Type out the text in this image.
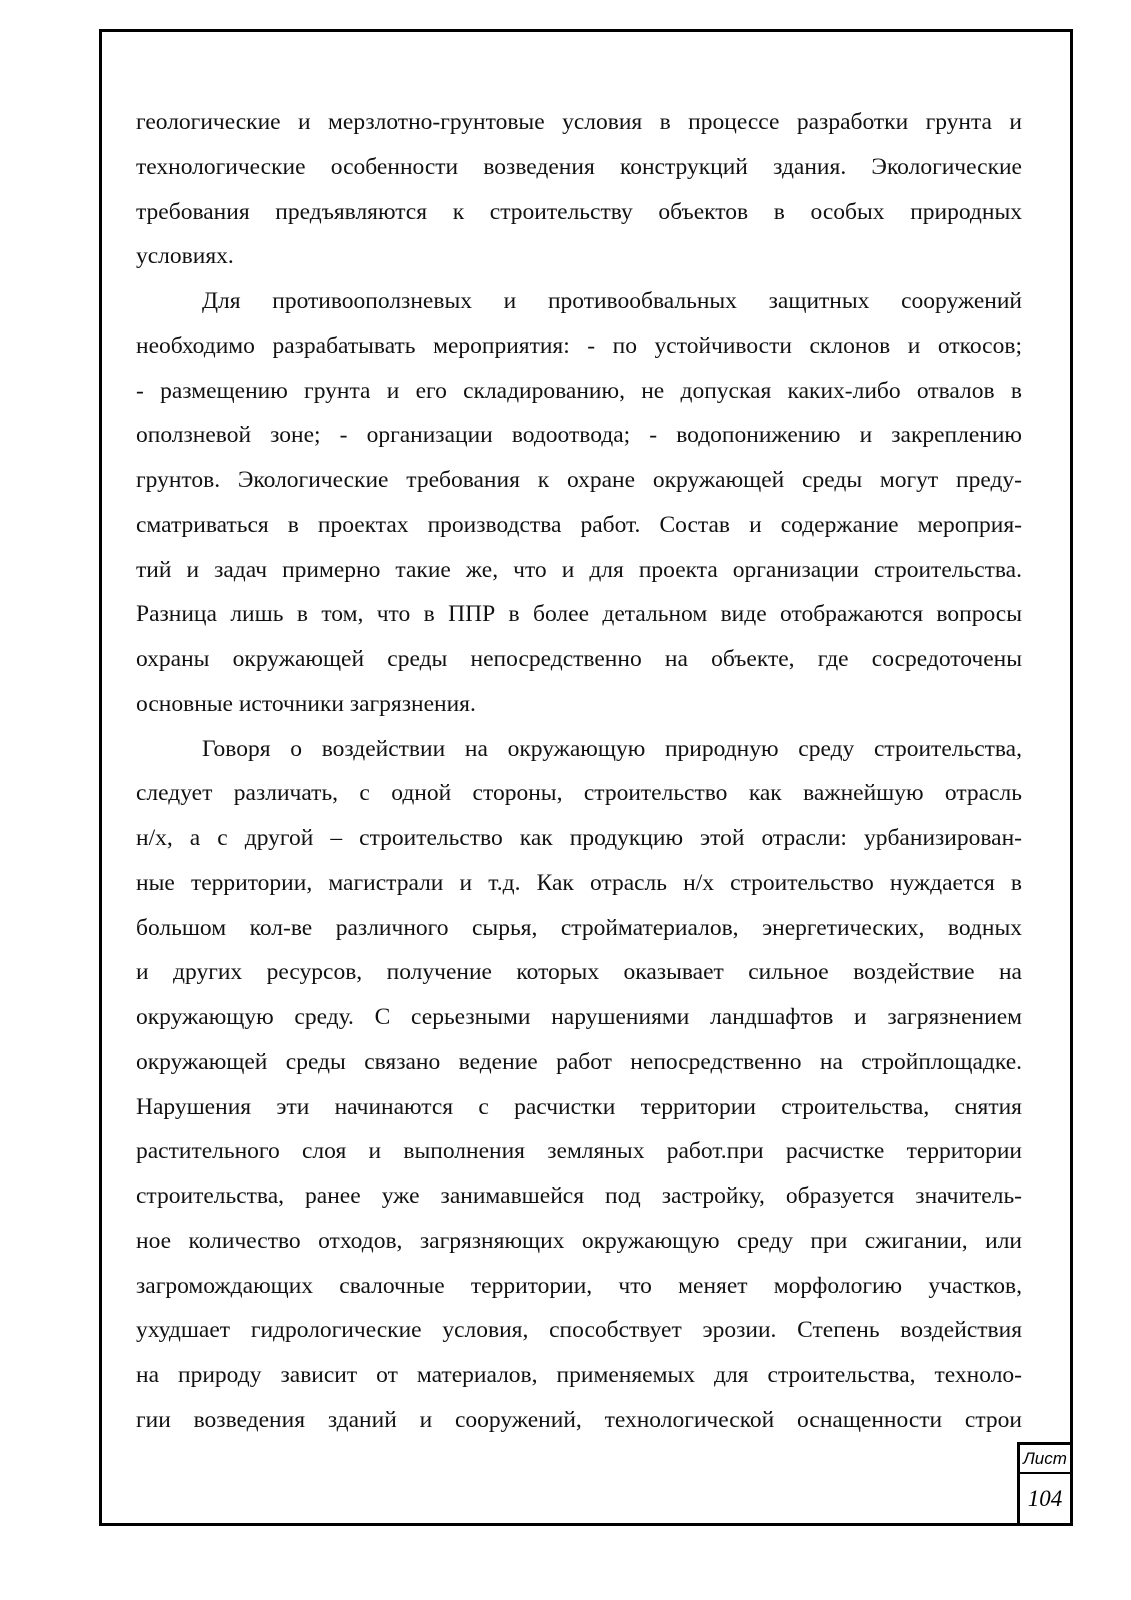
геологические и мерзлотно-грунтовые условия в процессе разработки грунта и
технологические особенности возведения конструкций здания. Экологические
требования предъявляются к строительству объектов в особых природных
условиях.
Для противооползневых и противообвальных защитных сооружений
необходимо разрабатывать мероприятия: - по устойчивости склонов и откосов;
- размещению грунта и его складированию, не допуская каких-либо отвалов в
оползневой зоне; - организации водоотвода; - водопонижению и закреплению
грунтов. Экологические требования к охране окружающей среды могут преду-
сматриваться в проектах производства работ. Состав и содержание мероприя-
тий и задач примерно такие же, что и для проекта организации строительства.
Разница лишь в том, что в ППР в более детальном виде отображаются вопросы
охраны окружающей среды непосредственно на объекте, где сосредоточены
основные источники загрязнения.
Говоря о воздействии на окружающую природную среду строительства,
следует различать, с одной стороны, строительство как важнейшую отрасль
н/х, а с другой – строительство как продукцию этой отрасли: урбанизирован-
ные территории, магистрали и т.д. Как отрасль н/х строительство нуждается в
большом кол-ве различного сырья, стройматериалов, энергетических, водных
и других ресурсов, получение которых оказывает сильное воздействие на
окружающую среду. С серьезными нарушениями ландшафтов и загрязнением
окружающей среды связано ведение работ непосредственно на стройплощадке.
Нарушения эти начинаются с расчистки территории строительства, снятия
растительного слоя и выполнения земляных работ.при расчистке территории
строительства, ранее уже занимавшейся под застройку, образуется значитель-
ное количество отходов, загрязняющих окружающую среду при сжигании, или
загромождающих свалочные территории, что меняет морфологию участков,
ухудшает гидрологические условия, способствует эрозии. Степень воздействия
на природу зависит от материалов, применяемых для строительства, техноло-
гии возведения зданий и сооружений, технологической оснащенности строи
Лист
104
